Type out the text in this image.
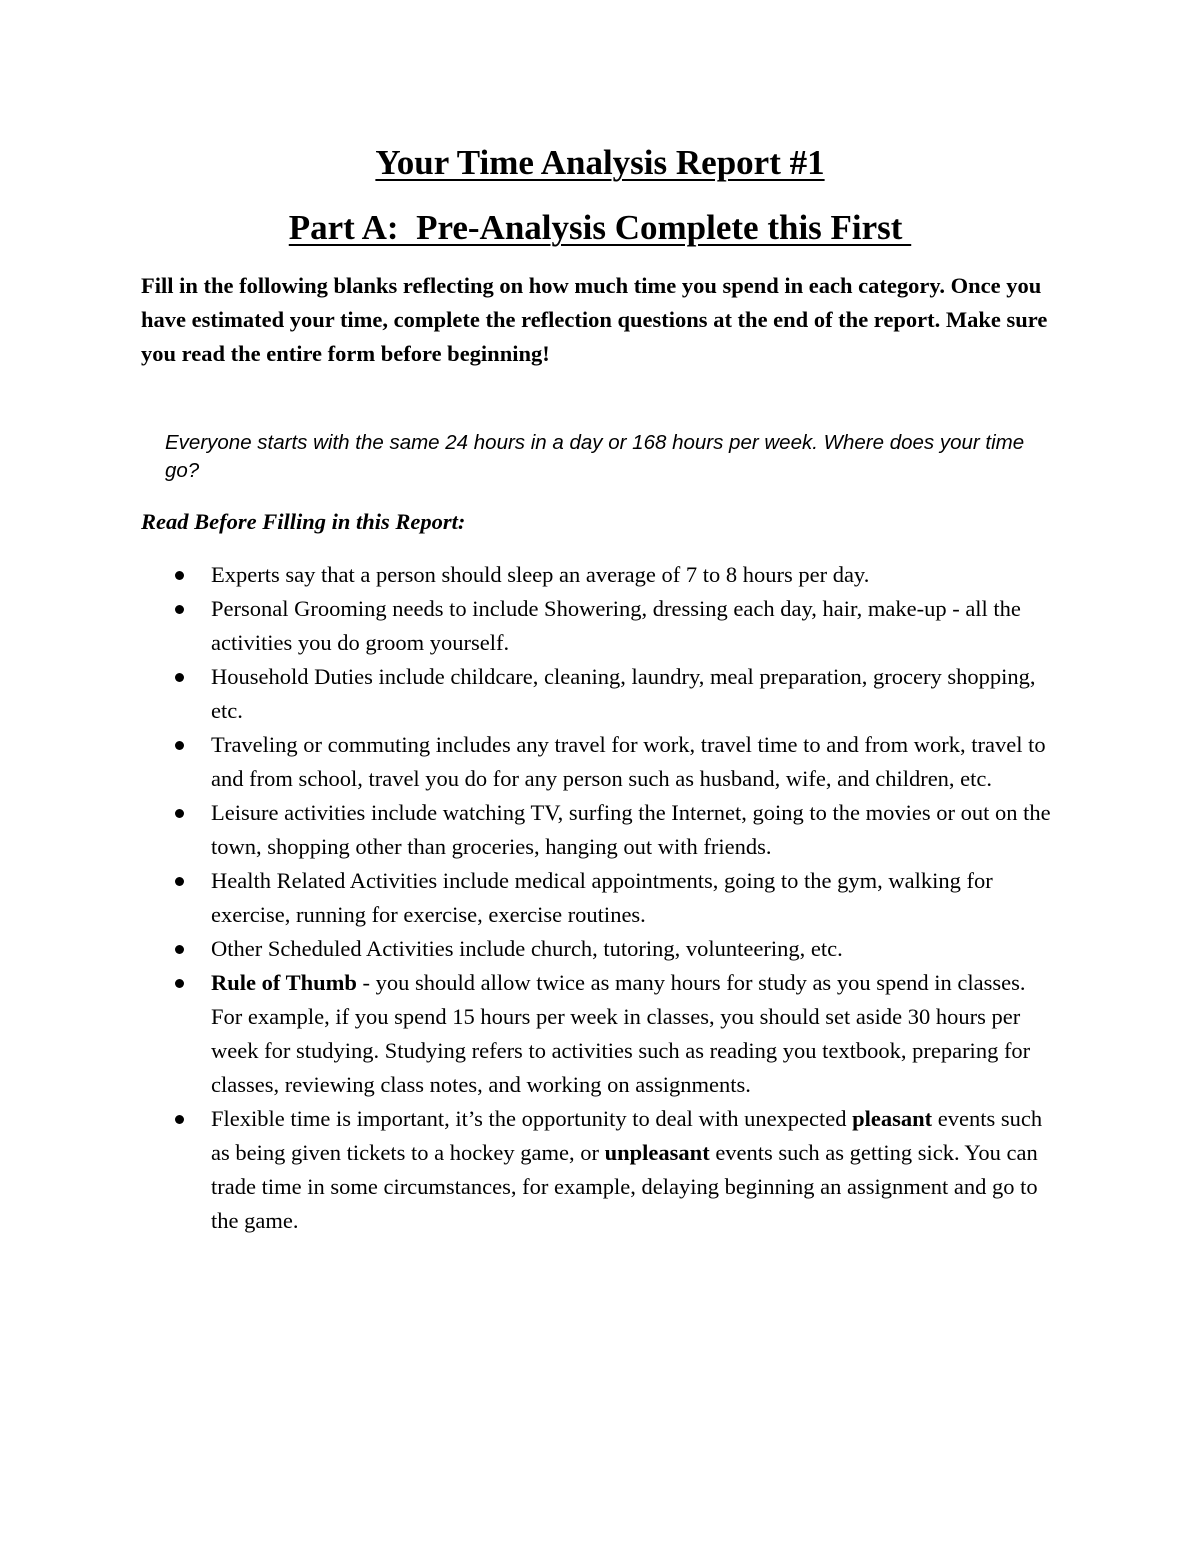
Your Time Analysis Report #1
Part A:  Pre-Analysis Complete this First

Fill in the following blanks reflecting on how much time you spend in each category. Once you have estimated your time, complete the reflection questions at the end of the report. Make sure you read the entire form before beginning!

Everyone starts with the same 24 hours in a day or 168 hours per week. Where does your time go?

Read Before Filling in this Report:

Experts say that a person should sleep an average of 7 to 8 hours per day.
Personal Grooming needs to include Showering, dressing each day, hair, make-up - all the activities you do groom yourself.
Household Duties include childcare, cleaning, laundry, meal preparation, grocery shopping, etc.
Traveling or commuting includes any travel for work, travel time to and from work, travel to and from school, travel you do for any person such as husband, wife, and children, etc.
Leisure activities include watching TV, surfing the Internet, going to the movies or out on the town, shopping other than groceries, hanging out with friends.
Health Related Activities include medical appointments, going to the gym, walking for exercise, running for exercise, exercise routines.
Other Scheduled Activities include church, tutoring, volunteering, etc.
Rule of Thumb - you should allow twice as many hours for study as you spend in classes. For example, if you spend 15 hours per week in classes, you should set aside 30 hours per week for studying. Studying refers to activities such as reading you textbook, preparing for classes, reviewing class notes, and working on assignments.
Flexible time is important, it’s the opportunity to deal with unexpected pleasant events such as being given tickets to a hockey game, or unpleasant events such as getting sick. You can trade time in some circumstances, for example, delaying beginning an assignment and go to the game.
